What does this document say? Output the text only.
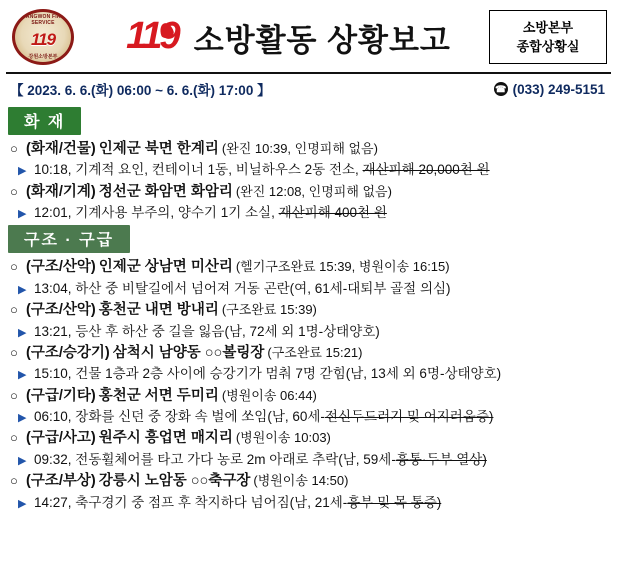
GANGWON FIRE SERVICE
119
강원소방본부	119 소방활동 상황보고	소방본부
종합상황실
【 2023. 6. 6.(화) 06:00 ~ 6. 6.(화) 17:00 】	☎ (033) 249-5151
화 재
○ (화재/건물) 인제군 북면 한계리 (완진 10:39, 인명피해 없음)
▶ 10:18, 기계적 요인, 컨테이너 1동, 비닐하우스 2동 전소, 재산피해 20,000천 원
○ (화재/기계) 정선군 화암면 화암리 (완진 12:08, 인명피해 없음)
▶ 12:01, 기계사용 부주의, 양수기 1기 소실, 재산피해 400천 원
구조 · 구급
○ (구조/산악) 인제군 상남면 미산리 (헬기구조완료 15:39, 병원이송 16:15)
▶ 13:04, 하산 중 비탈길에서 넘어져 거동 곤란(여, 61세-대퇴부 골절 의심)
○ (구조/산악) 홍천군 내면 방내리 (구조완료 15:39)
▶ 13:21, 등산 후 하산 중 길을 잃음(남, 72세 외 1명-상태양호)
○ (구조/승강기) 삼척시 남양동 ○○볼링장 (구조완료 15:21)
▶ 15:10, 건물 1층과 2층 사이에 승강기가 멈춰 7명 갇힘(남, 13세 외 6명-상태양호)
○ (구급/기타) 홍천군 서면 두미리 (병원이송 06:44)
▶ 06:10, 장화를 신던 중 장화 속 벌에 쏘임(남, 60세-전신두드러기 및 어지러움증)
○ (구급/사고) 원주시 흥업면 매지리 (병원이송 10:03)
▶ 09:32, 전동휠체어를 타고 가다 농로 2m 아래로 추락(남, 59세-흉통·두부 열상)
○ (구조/부상) 강릉시 노암동 ○○축구장 (병원이송 14:50)
▶ 14:27, 축구경기 중 점프 후 착지하다 넘어짐(남, 21세-흉부 및 목 통증)
